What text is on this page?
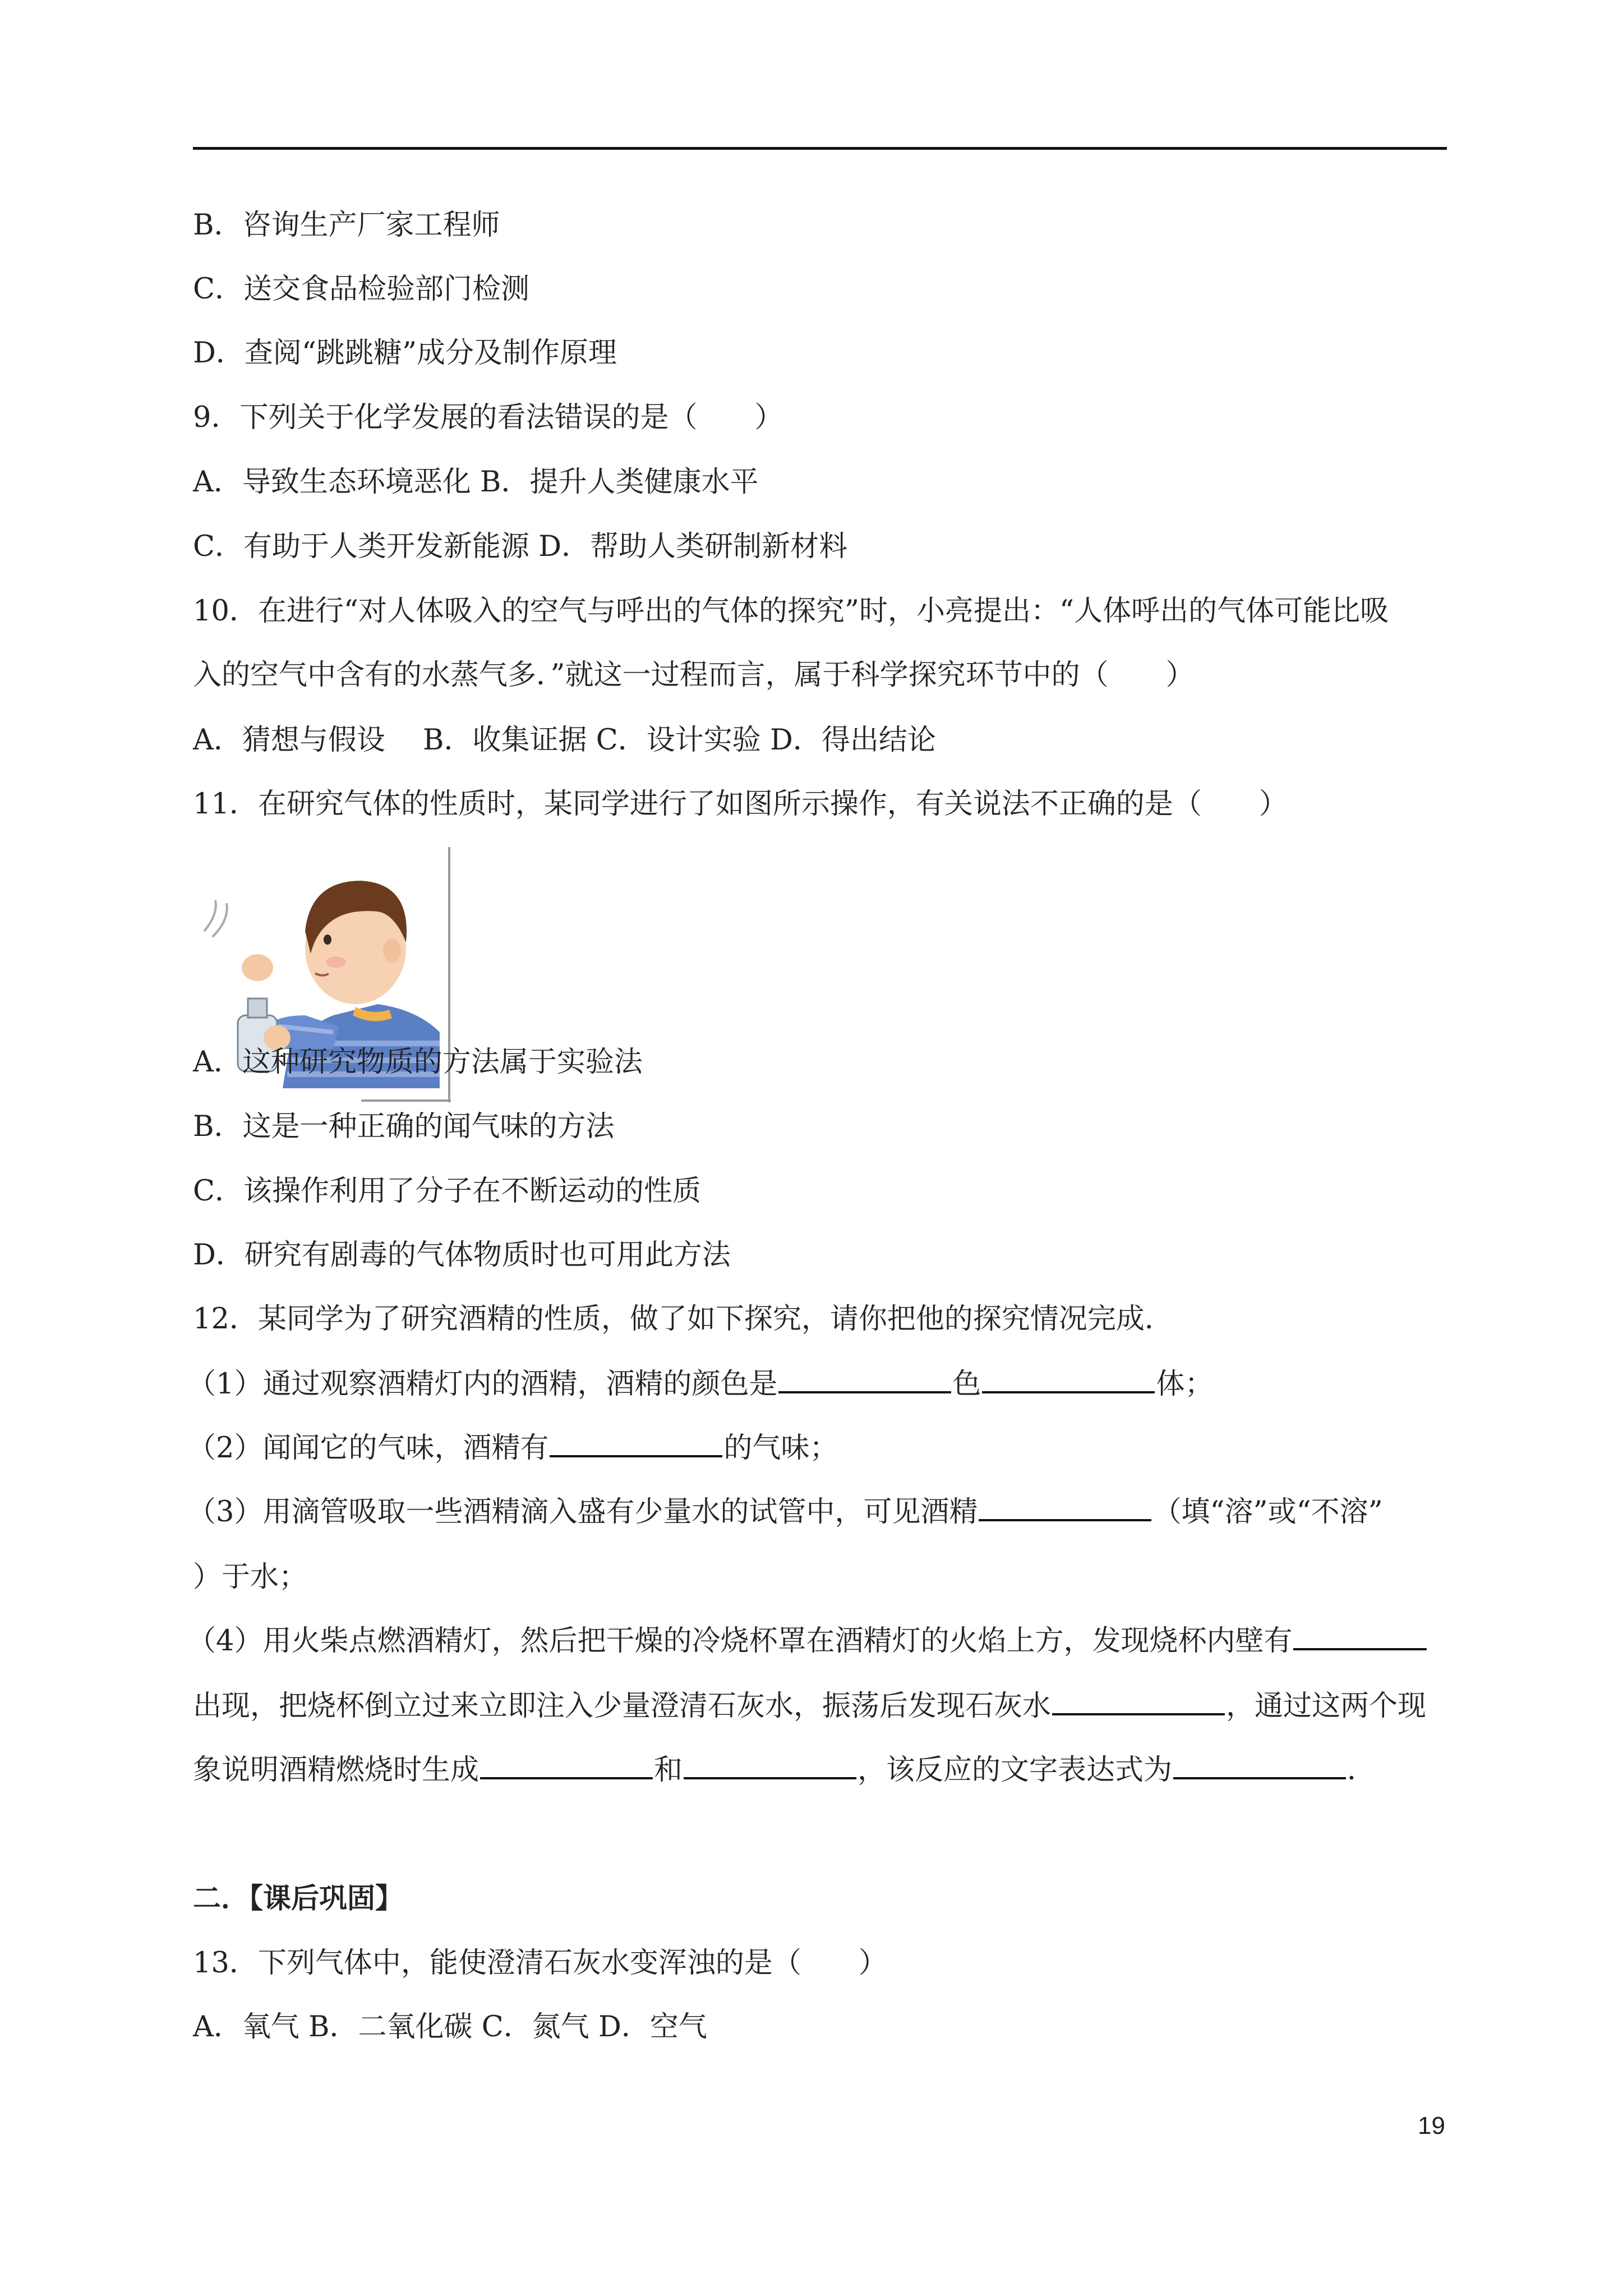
B．咨询生产厂家工程师
C．送交食品检验部门检测
D．查阅“跳跳糖”成分及制作原理
9．下列关于化学发展的看法错误的是（　　）
A．导致生态环境恶化 B．提升人类健康水平
C．有助于人类开发新能源 D．帮助人类研制新材料
10．在进行“对人体吸入的空气与呼出的气体的探究”时，小亮提出：“人体呼出的气体可能比吸
入的空气中含有的水蒸气多．”就这一过程而言，属于科学探究环节中的（　　）
A．猜想与假设　 B．收集证据 C．设计实验 D．得出结论
11．在研究气体的性质时，某同学进行了如图所示操作，有关说法不正确的是（　　）
A．这种研究物质的方法属于实验法
B．这是一种正确的闻气味的方法
C．该操作利用了分子在不断运动的性质
D．研究有剧毒的气体物质时也可用此方法
12．某同学为了研究酒精的性质，做了如下探究，请你把他的探究情况完成．
（1）通过观察酒精灯内的酒精，酒精的颜色是	色	体；
（2）闻闻它的气味，酒精有	的气味；
（3）用滴管吸取一些酒精滴入盛有少量水的试管中，可见酒精	（填“溶”或“不溶”
）于水；
（4）用火柴点燃酒精灯，然后把干燥的冷烧杯罩在酒精灯的火焰上方，发现烧杯内壁有
出现，把烧杯倒立过来立即注入少量澄清石灰水，振荡后发现石灰水	，通过这两个现
象说明酒精燃烧时生成	和	，该反应的文字表达式为	．
二．【课后巩固】
13．下列气体中，能使澄清石灰水变浑浊的是（　　）
A．氧气 B．二氧化碳 C．氮气 D．空气
19
